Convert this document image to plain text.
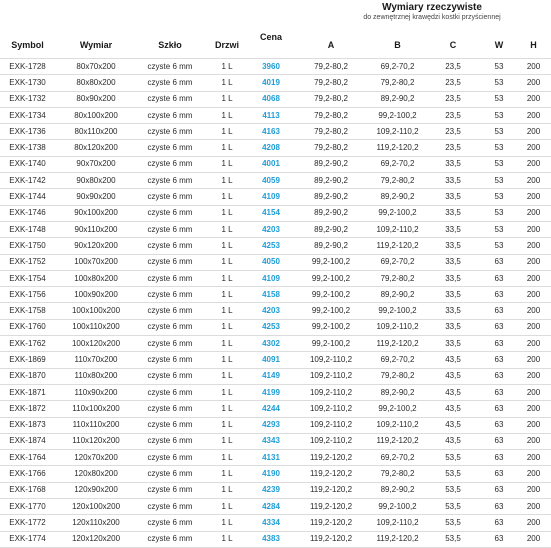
Wymiary rzeczywiste
do zewnętrznej krawędzi kostki przyściennej
Symbol	Wymiar	Szkło	Drzwi
Cena
A	B	C	W	H
EXK-1728	80x70x200	czyste 6 mm	1 L	3960	79,2-80,2	69,2-70,2	23,5	53	200
EXK-1730	80x80x200	czyste 6 mm	1 L	4019	79,2-80,2	79,2-80,2	23,5	53	200
EXK-1732	80x90x200	czyste 6 mm	1 L	4068	79,2-80,2	89,2-90,2	23,5	53	200
EXK-1734	80x100x200	czyste 6 mm	1 L	4113	79,2-80,2	99,2-100,2	23,5	53	200
EXK-1736	80x110x200	czyste 6 mm	1 L	4163	79,2-80,2	109,2-110,2	23,5	53	200
EXK-1738	80x120x200	czyste 6 mm	1 L	4208	79,2-80,2	119,2-120,2	23,5	53	200
EXK-1740	90x70x200	czyste 6 mm	1 L	4001	89,2-90,2	69,2-70,2	33,5	53	200
EXK-1742	90x80x200	czyste 6 mm	1 L	4059	89,2-90,2	79,2-80,2	33,5	53	200
EXK-1744	90x90x200	czyste 6 mm	1 L	4109	89,2-90,2	89,2-90,2	33,5	53	200
EXK-1746	90x100x200	czyste 6 mm	1 L	4154	89,2-90,2	99,2-100,2	33,5	53	200
EXK-1748	90x110x200	czyste 6 mm	1 L	4203	89,2-90,2	109,2-110,2	33,5	53	200
EXK-1750	90x120x200	czyste 6 mm	1 L	4253	89,2-90,2	119,2-120,2	33,5	53	200
EXK-1752	100x70x200	czyste 6 mm	1 L	4050	99,2-100,2	69,2-70,2	33,5	63	200
EXK-1754	100x80x200	czyste 6 mm	1 L	4109	99,2-100,2	79,2-80,2	33,5	63	200
EXK-1756	100x90x200	czyste 6 mm	1 L	4158	99,2-100,2	89,2-90,2	33,5	63	200
EXK-1758	100x100x200	czyste 6 mm	1 L	4203	99,2-100,2	99,2-100,2	33,5	63	200
EXK-1760	100x110x200	czyste 6 mm	1 L	4253	99,2-100,2	109,2-110,2	33,5	63	200
EXK-1762	100x120x200	czyste 6 mm	1 L	4302	99,2-100,2	119,2-120,2	33,5	63	200
EXK-1869	110x70x200	czyste 6 mm	1 L	4091	109,2-110,2	69,2-70,2	43,5	63	200
EXK-1870	110x80x200	czyste 6 mm	1 L	4149	109,2-110,2	79,2-80,2	43,5	63	200
EXK-1871	110x90x200	czyste 6 mm	1 L	4199	109,2-110,2	89,2-90,2	43,5	63	200
EXK-1872	110x100x200	czyste 6 mm	1 L	4244	109,2-110,2	99,2-100,2	43,5	63	200
EXK-1873	110x110x200	czyste 6 mm	1 L	4293	109,2-110,2	109,2-110,2	43,5	63	200
EXK-1874	110x120x200	czyste 6 mm	1 L	4343	109,2-110,2	119,2-120,2	43,5	63	200
EXK-1764	120x70x200	czyste 6 mm	1 L	4131	119,2-120,2	69,2-70,2	53,5	63	200
EXK-1766	120x80x200	czyste 6 mm	1 L	4190	119,2-120,2	79,2-80,2	53,5	63	200
EXK-1768	120x90x200	czyste 6 mm	1 L	4239	119,2-120,2	89,2-90,2	53,5	63	200
EXK-1770	120x100x200	czyste 6 mm	1 L	4284	119,2-120,2	99,2-100,2	53,5	63	200
EXK-1772	120x110x200	czyste 6 mm	1 L	4334	119,2-120,2	109,2-110,2	53,5	63	200
EXK-1774	120x120x200	czyste 6 mm	1 L	4383	119,2-120,2	119,2-120,2	53,5	63	200
